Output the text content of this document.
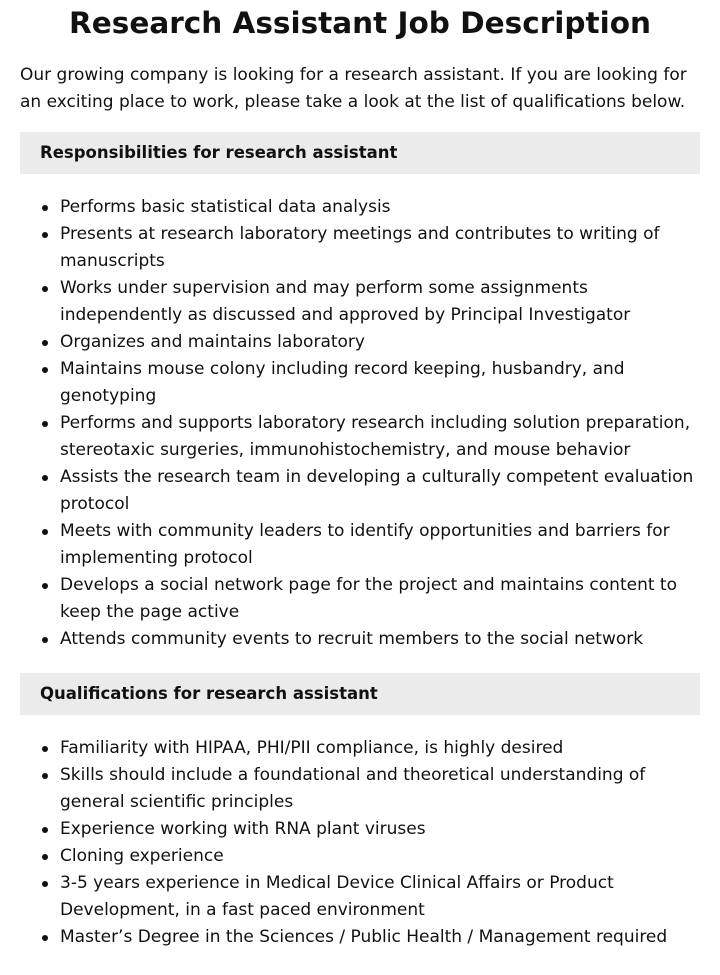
Research Assistant Job Description

Our growing company is looking for a research assistant. If you are looking for an exciting place to work, please take a look at the list of qualifications below.

Responsibilities for research assistant
Performs basic statistical data analysis
Presents at research laboratory meetings and contributes to writing of manuscripts
Works under supervision and may perform some assignments independently as discussed and approved by Principal Investigator
Organizes and maintains laboratory
Maintains mouse colony including record keeping, husbandry, and genotyping
Performs and supports laboratory research including solution preparation, stereotaxic surgeries, immunohistochemistry, and mouse behavior
Assists the research team in developing a culturally competent evaluation protocol
Meets with community leaders to identify opportunities and barriers for implementing protocol
Develops a social network page for the project and maintains content to keep the page active
Attends community events to recruit members to the social network
Qualifications for research assistant
Familiarity with HIPAA, PHI/PII compliance, is highly desired
Skills should include a foundational and theoretical understanding of general scientific principles
Experience working with RNA plant viruses
Cloning experience
3-5 years experience in Medical Device Clinical Affairs or Product Development, in a fast paced environment
Master’s Degree in the Sciences / Public Health / Management required
